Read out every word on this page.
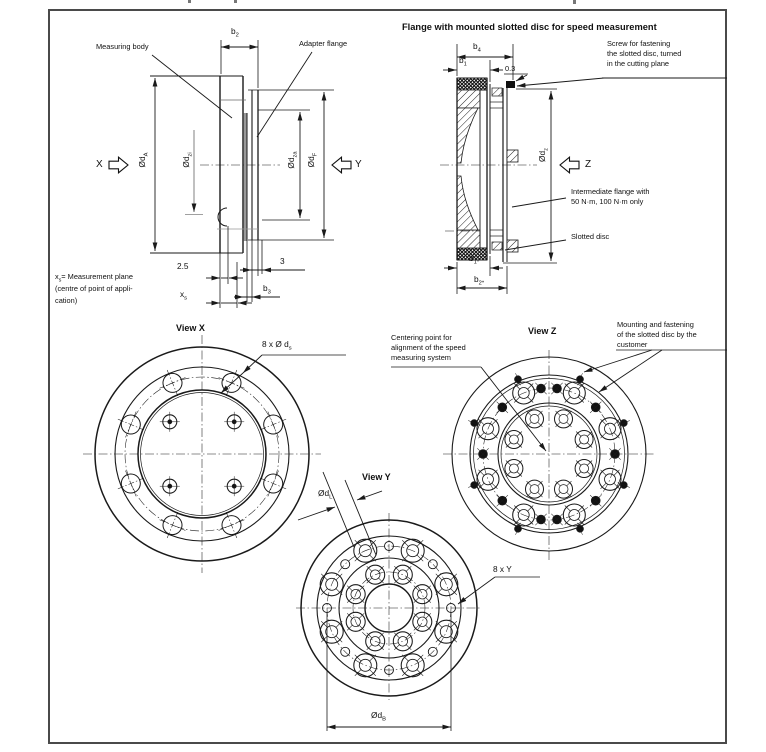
Flange with mounted slotted disc for speed measurement
Measuring body	Adapter flange
$b_2$
$Ød_A$
$Ød_{zi}$
$Ød_{za}$
$Ød_F$
2.5	3
$b_3$
$x_s$
X	Y	Z
$x_s=$ Measurement plane
(centre of point of appli-
cation)
$b_4$
$b_1$	0.3
$Ød_z$
$b_{1*}$
$b_{2*}$
Screw for fastening
the slotted disc, turned
in the cutting plane
Intermediate flange with
50 N·m, 100 N·m only
Slotted disc
View X
8 x Ø $d_s$
View Y
$Ød_L$
8 x Y
$Ød_B$
View Z
Centering point for
alignment of the speed
measuring system
Mounting and fastening
of the slotted disc by the
customer
